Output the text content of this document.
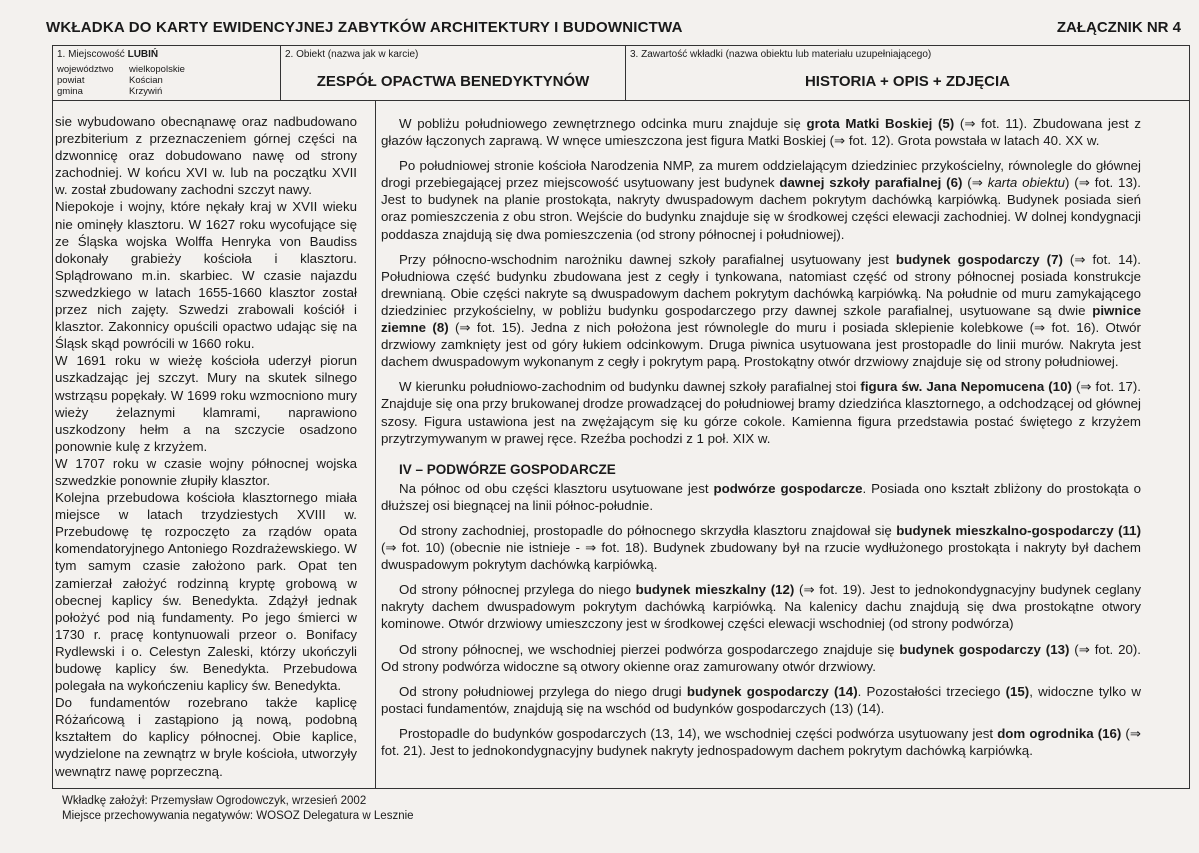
WKŁADKA DO KARTY EWIDENCYJNEJ ZABYTKÓW ARCHITEKTURY I BUDOWNICTWA	ZAŁĄCZNIK NR 4
1. Miejscowość LUBIŃ
województwo	wielkopolskie
powiat	Kościan
gmina	Krzywiń
2. Obiekt (nazwa jak w karcie)
ZESPÓŁ OPACTWA BENEDYKTYNÓW
3. Zawartość wkładki (nazwa obiektu lub materiału uzupełniającego)
HISTORIA + OPIS + ZDJĘCIA
sie wybudowano obecnąnawę oraz nadbudowano prezbiterium z przeznaczeniem górnej części na dzwonnicę oraz dobudowano nawę od strony zachodniej. W końcu XVI w. lub na początku XVII w. został zbudowany zachodni szczyt nawy.
Niepokoje i wojny, które nękały kraj w XVII wieku nie ominęły klasztoru. W 1627 roku wycofujące się ze Śląska wojska Wolffa Henryka von Baudiss dokonały grabieży kościoła i klasztoru. Splądrowano m.in. skarbiec. W czasie najazdu szwedzkiego w latach 1655-1660 klasztor został przez nich zajęty. Szwedzi zrabowali kościół i klasztor. Zakonnicy opuścili opactwo udając się na Śląsk skąd powrócili w 1660 roku.
W 1691 roku w wieżę kościoła uderzył piorun uszkadzając jej szczyt. Mury na skutek silnego wstrząsu popękały. W 1699 roku wzmocniono mury wieży żelaznymi klamrami, naprawiono uszkodzony hełm a na szczycie osadzono ponownie kulę z krzyżem.
W 1707 roku w czasie wojny północnej wojska szwedzkie ponownie złupiły klasztor.
Kolejna przebudowa kościoła klasztornego miała miejsce w latach trzydziestych XVIII w. Przebudowę tę rozpoczęto za rządów opata komendatoryjnego Antoniego Rozdrażewskiego. W tym samym czasie założono park. Opat ten zamierzał założyć rodzinną kryptę grobową w obecnej kaplicy św. Benedykta. Zdążył jednak położyć pod nią fundamenty. Po jego śmierci w 1730 r. pracę kontynuowali przeor o. Bonifacy Rydlewski i o. Celestyn Zaleski, którzy ukończyli budowę kaplicy św. Benedykta. Przebudowa polegała na wykończeniu kaplicy św. Benedykta.
Do fundamentów rozebrano także kaplicę Różańcową i zastąpiono ją nową, podobną kształtem do kaplicy północnej. Obie kaplice, wydzielone na zewnątrz w bryle kościoła, utworzyły wewnątrz nawę poprzeczną.

W pobliżu południowego zewnętrznego odcinka muru znajduje się grota Matki Boskiej (5) (⇒ fot. 11). Zbudowana jest z głazów łączonych zaprawą. W wnęce umieszczona jest figura Matki Boskiej (⇒ fot. 12). Grota powstała w latach 40. XX w.

Po południowej stronie kościoła Narodzenia NMP, za murem oddzielającym dziedziniec przykościelny, równolegle do głównej drogi przebiegającej przez miejscowość usytuowany jest budynek dawnej szkoły parafialnej (6) (⇒ karta obiektu) (⇒ fot. 13). Jest to budynek na planie prostokąta, nakryty dwuspadowym dachem pokrytym dachówką karpiówką. Budynek posiada sień oraz pomieszczenia z obu stron. Wejście do budynku znajduje się w środkowej części elewacji zachodniej. W dolnej kondygnacji poddasza znajdują się dwa pomieszczenia (od strony północnej i południowej).

Przy północno-wschodnim narożniku dawnej szkoły parafialnej usytuowany jest budynek gospodarczy (7) (⇒ fot. 14). Południowa część budynku zbudowana jest z cegły i tynkowana, natomiast część od strony północnej posiada konstrukcje drewnianą. Obie części nakryte są dwuspadowym dachem pokrytym dachówką karpiówką. Na południe od muru zamykającego dziedziniec przykościelny, w pobliżu budynku gospodarczego przy dawnej szkole parafialnej, usytuowane są dwie piwnice ziemne (8) (⇒ fot. 15). Jedna z nich położona jest równolegle do muru i posiada sklepienie kolebkowe (⇒ fot. 16). Otwór drzwiowy zamknięty jest od góry łukiem odcinkowym. Druga piwnica usytuowana jest prostopadle do linii murów. Nakryta jest dachem dwuspadowym wykonanym z cegły i pokrytym papą. Prostokątny otwór drzwiowy znajduje się od strony południowej.

W kierunku południowo-zachodnim od budynku dawnej szkoły parafialnej stoi figura św. Jana Nepomucena (10) (⇒ fot. 17). Znajduje się ona przy brukowanej drodze prowadzącej do południowej bramy dziedzińca klasztornego, a odchodzącej od głównej szosy. Figura ustawiona jest na zwężającym się ku górze cokole. Kamienna figura przedstawia postać świętego z krzyżem przytrzymywanym w prawej ręce. Rzeźba pochodzi z 1 poł. XIX w.

IV – PODWÓRZE GOSPODARCZE

Na północ od obu części klasztoru usytuowane jest podwórze gospodarcze. Posiada ono kształt zbliżony do prostokąta o dłuższej osi biegnącej na linii północ-południe.

Od strony zachodniej, prostopadle do północnego skrzydła klasztoru znajdował się budynek mieszkalno-gospodarczy (11) (⇒ fot. 10) (obecnie nie istnieje - ⇒ fot. 18). Budynek zbudowany był na rzucie wydłużonego prostokąta i nakryty był dachem dwuspadowym pokrytym dachówką karpiówką.

Od strony północnej przylega do niego budynek mieszkalny (12) (⇒ fot. 19). Jest to jednokondygnacyjny budynek ceglany nakryty dachem dwuspadowym pokrytym dachówką karpiówką. Na kalenicy dachu znajdują się dwa prostokątne otwory kominowe. Otwór drzwiowy umieszczony jest w środkowej części elewacji wschodniej (od strony podwórza)

Od strony północnej, we wschodniej pierzei podwórza gospodarczego znajduje się budynek gospodarczy (13) (⇒ fot. 20). Od strony podwórza widoczne są otwory okienne oraz zamurowany otwór drzwiowy.

Od strony południowej przylega do niego drugi budynek gospodarczy (14). Pozostałości trzeciego (15), widoczne tylko w postaci fundamentów, znajdują się na wschód od budynków gospodarczych (13) (14).

Prostopadle do budynków gospodarczych (13, 14), we wschodniej części podwórza usytuowany jest dom ogrodnika (16) (⇒ fot. 21). Jest to jednokondygnacyjny budynek nakryty jednospadowym dachem pokrytym dachówką karpiówką.

Wkładkę założył: Przemysław Ogrodowczyk, wrzesień 2002
Miejsce przechowywania negatywów: WOSOZ Delegatura w Lesznie
